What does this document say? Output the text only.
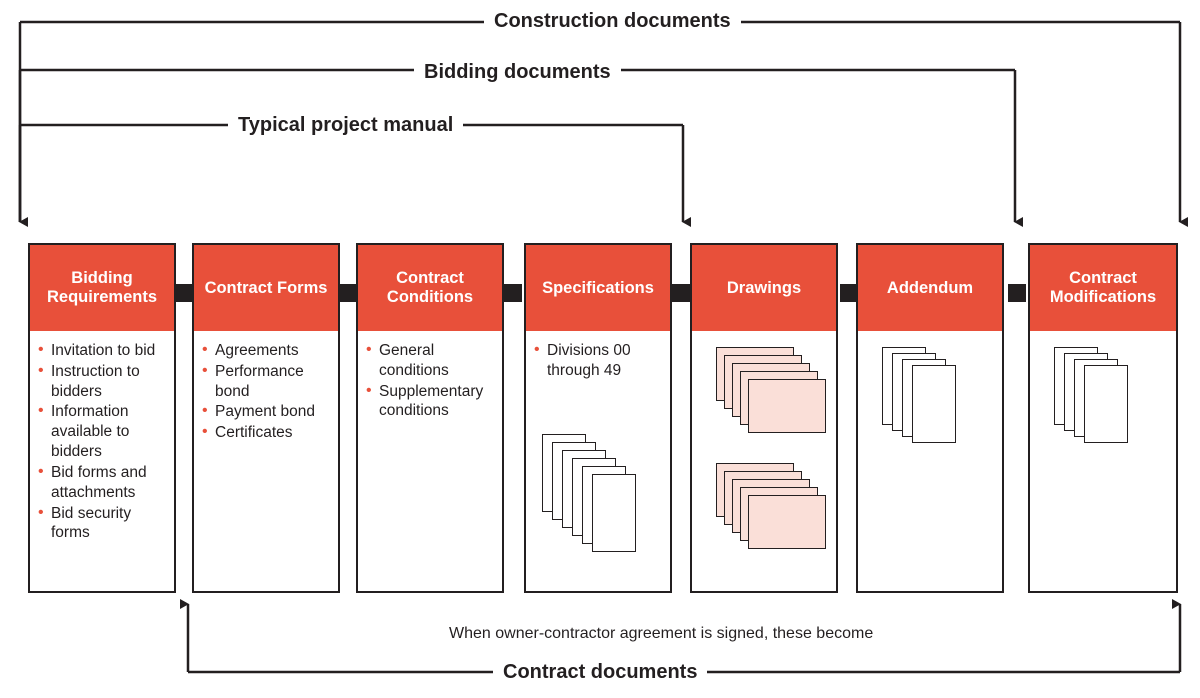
Construction documents
Bidding documents
Typical project manual
Contract documents
When owner-contractor agreement is signed, these become
Bidding Requirements
• Invitation to bid
• Instruction to bidders
• Information available to bidders
• Bid forms and attachments
• Bid security forms
Contract Forms
• Agreements
• Performance bond
• Payment bond
• Certificates
Contract Conditions
• General conditions
• Supplementary conditions
Specifications
• Divisions 00 through 49
Drawings	Addendum
Contract Modifications
